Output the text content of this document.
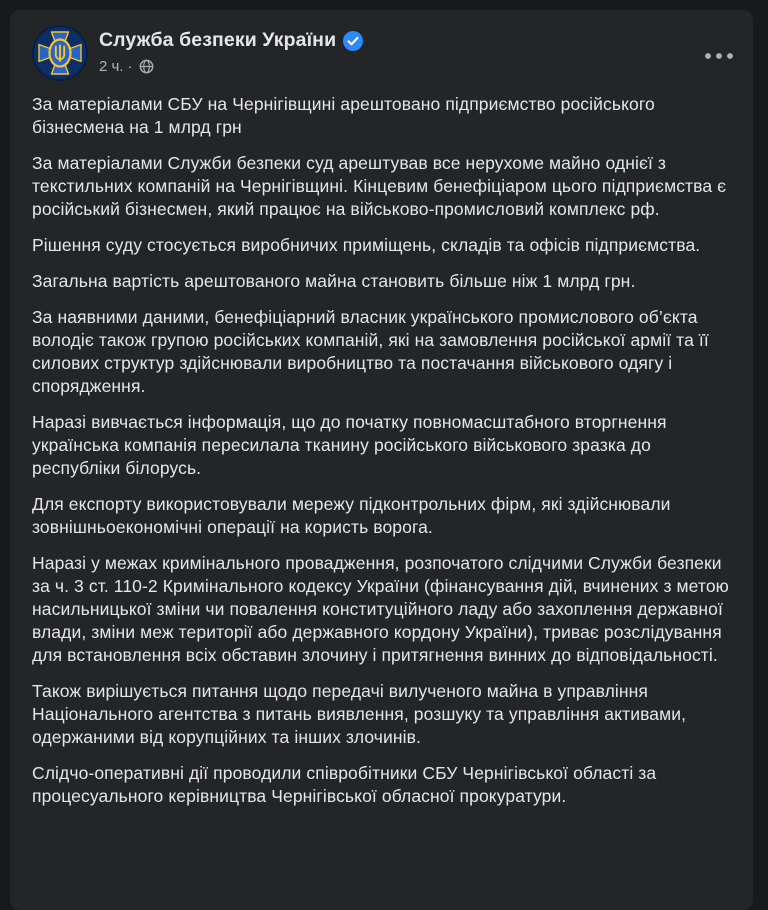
Служба безпеки України
2 ч. ·

За матеріалами СБУ на Чернігівщині арештовано підприємство російського бізнесмена на 1 млрд грн

За матеріалами Служби безпеки суд арештував все нерухоме майно однієї з текстильних компаній на Чернігівщині. Кінцевим бенефіціаром цього підприємства є російський бізнесмен, який працює на військово-промисловий комплекс рф.

Рішення суду стосується виробничих приміщень, складів та офісів підприємства.

Загальна вартість арештованого майна становить більше ніж 1 млрд грн.

За наявними даними, бенефіціарний власник українського промислового об’єкта володіє також групою російських компаній, які на замовлення російської армії та її силових структур здійснювали виробництво та постачання військового одягу і спорядження.

Наразі вивчається інформація, що до початку повномасштабного вторгнення українська компанія пересилала тканину російського військового зразка до республіки білорусь.

Для експорту використовували мережу підконтрольних фірм, які здійснювали зовнішньоекономічні операції на користь ворога.

Наразі у межах кримінального провадження, розпочатого слідчими Служби безпеки за ч. 3 ст. 110-2 Кримінального кодексу України (фінансування дій, вчинених з метою насильницької зміни чи повалення конституційного ладу або захоплення державної влади, зміни меж території або державного кордону України), триває розслідування для встановлення всіх обставин злочину і притягнення винних до відповідальності.

Також вирішується питання щодо передачі вилученого майна в управління Національного агентства з питань виявлення, розшуку та управління активами, одержаними від корупційних та інших злочинів.

Слідчо-оперативні дії проводили співробітники СБУ Чернігівської області за процесуального керівництва Чернігівської обласної прокуратури.
